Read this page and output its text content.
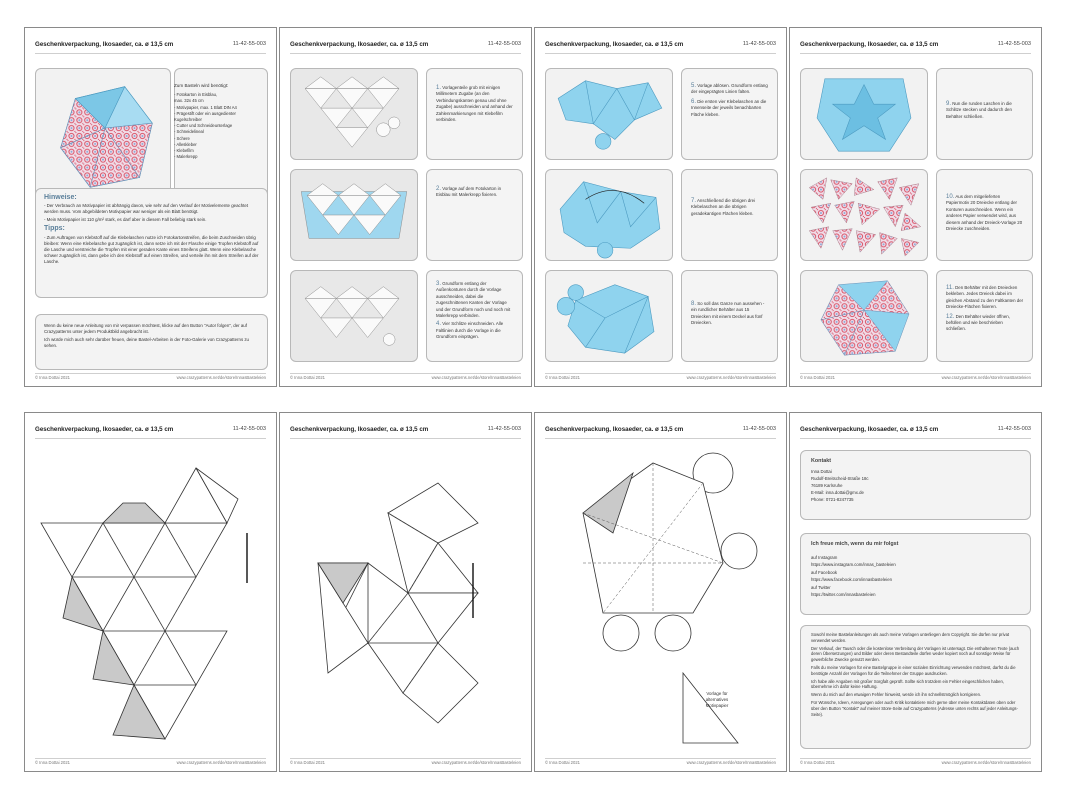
Geschenkverpackung, Ikosaeder, ca. ø 13,5 cm	11-42-55-003
Zum Basteln wird benötigt:
- Fotokarton in Eisblau,
max. 32x 45 cm
- Motivpapier, max. 1 Blatt DIN A4
- Prägestift oder ein ausgedienter
Kugelschreiber
- Cutter und Schneideunterlage
- Schneidelineal
- Schere
- Alleskleber
- Klebefilm
- Malerkrepp
Hinweise:

- Der Verbrauch an Motivpapier ist abhängig davon, wie sehr auf den Verlauf der Motivelemente geachtet werden muss. Vom abgebildeten Motivpapier war weniger als ein Blatt benötigt.

- Mein Motivpapier ist 110 g/m² stark, es darf aber in diesem Fall beliebig stark sein.

Tipps:

- Zum Auftragen von Klebstoff auf die Klebelaschen nutze ich Fotokartonstreifen, die beim Zuschneiden übrig bleiben: Wenn eine Klebelasche gut zugänglich ist, dann setze ich mit der Flasche einige Tropfen Klebstoff auf die Lasche und verstreiche die Tropfen mit einer geraden Kante eines Streifens glatt. Wenn eine Klebelasche schwer zugänglich ist, dann gebe ich den Klebstoff auf einen Streifen, und verteile ihn mit dem Streifen auf der Lasche.

Wenn du keine neue Anleitung von mir verpassen möchtest, klicke auf den Button "Autor folgen", der auf Crazypatterns unter jedem Produktbild angebracht ist.

Ich würde mich auch sehr darüber freuen, deine Bastel-Arbeiten in der Foto-Galerie von Crazypatterns zu sehen.

© Inna Dottai 2021	www.crazypatterns.net/de/store/InnasBasteleien
Geschenkverpackung, Ikosaeder, ca. ø 13,5 cm	11-42-55-003
1. Vorlagenteile grob mit einigen Millimetern Zugabe (an den Verbindungskanten genau und ohne Zugabe) ausschneiden und anhand der Zahlenmarkierungen mit Klebefilm verbinden.
2. Vorlage auf dem Fotokarton in Eisblau mit Malerkrepp fixieren.
3. Grundform entlang der Außenkonturen durch die Vorlage ausschneiden, dabei die zugeschnittenen Kanten der Vorlage und der Grundform noch und noch mit Malerkrepp verbinden.
4. Vier Schlitze einschneiden. Alle Faltlinien durch die Vorlage in die Grundform einprägen.
© Inna Dottai 2021	www.crazypatterns.net/de/store/InnasBasteleien
Geschenkverpackung, Ikosaeder, ca. ø 13,5 cm	11-42-55-003
5. Vorlage ablösen. Grundform entlang der eingeprägten Linien falten.
6. Die ersten vier Klebelaschen an die Innenseite der jeweils benachbarten Fläche kleben.
7. Anschließend die übrigen drei Klebelaschen an die übrigen geradekantigen Flächen kleben.
8. So soll das Ganze nun aussehen - ein rundlicher Behälter aus 15 Dreiecken mit einem Deckel aus fünf Dreiecken.
© Inna Dottai 2021	www.crazypatterns.net/de/store/InnasBasteleien
Geschenkverpackung, Ikosaeder, ca. ø 13,5 cm	11-42-55-003
9. Nun die runden Laschen in die Schlitze stecken und dadurch den Behälter schließen.
10. Aus dem mitgelieferten Papiermotiv 20 Dreiecke entlang der Konturen ausschneiden. Wenn ein anderes Papier verwendet wird, aus diesem anhand der Dreieck-Vorlage 20 Dreiecke zuschneiden.
11. Den Behälter mit den Dreiecken bekleben. Jedes Dreieck dabei im gleichen Abstand zu den Faltkanten der Dreiecke-Flächen fixieren.
12. Den Behälter wieder öffnen, befüllen und wie beschrieben schließen.
© Inna Dottai 2021	www.crazypatterns.net/de/store/InnasBasteleien
Geschenkverpackung, Ikosaeder, ca. ø 13,5 cm	11-42-55-003
© Inna Dottai 2021	www.crazypatterns.net/de/store/InnasBasteleien
Geschenkverpackung, Ikosaeder, ca. ø 13,5 cm	11-42-55-003
© Inna Dottai 2021	www.crazypatterns.net/de/store/InnasBasteleien
Geschenkverpackung, Ikosaeder, ca. ø 13,5 cm	11-42-55-003
Vorlage für
alternatives
Motivpapier
© Inna Dottai 2021	www.crazypatterns.net/de/store/InnasBasteleien
Geschenkverpackung, Ikosaeder, ca. ø 13,5 cm	11-42-55-003
Kontakt
Inna Dottai
Rudolf-Breitscheid-Straße 18c
76189 Karlsruhe
E-Mail: inna.dottai@gmx.de
Phone: 0721-8247735
Ich freue mich, wenn du mir folgst
auf Instagram
https://www.instagram.com/innas_basteleien
auf Facebook
https://www.facebook.com/innasbasteleien
auf Twitter
https://twitter.com/innasbasteleien

Sowohl meine Bastelanleitungen als auch meine Vorlagen unterliegen dem Copyright. Sie dürfen nur privat verwendet werden.

Der Verkauf, der Tausch oder die kostenlose Verbreitung der Vorlagen ist untersagt. Die enthaltenen Texte (auch deren Übersetzungen) und Bilder oder deren Bestandteile dürfen weder kopiert noch auf sonstige Weise für gewerbliche Zwecke genutzt werden.

Falls du meine Vorlagen für eine Bastelgruppe in einer sozialen Einrichtung verwenden möchtest, darfst du die benötigte Anzahl der Vorlagen für die Teilnehmer der Gruppe ausdrucken.

Ich habe alle Angaben mit großer Sorgfalt geprüft. Sollte sich trotzdem ein Fehler eingeschlichen haben, übernehme ich dafür keine Haftung.

Wenn du mich auf den etwaigen Fehler hinweist, werde ich ihn schnellstmöglich korrigieren.

Für Wünsche, Ideen, Anregungen oder auch Kritik kontaktiere mich gerne über meine Kontaktdaten oben oder über den Button "Kontakt" auf meiner Store-Seite auf Crazypatterns (Adresse unten rechts auf jeder Anleitungs-Seite).

© Inna Dottai 2021	www.crazypatterns.net/de/store/InnasBasteleien
